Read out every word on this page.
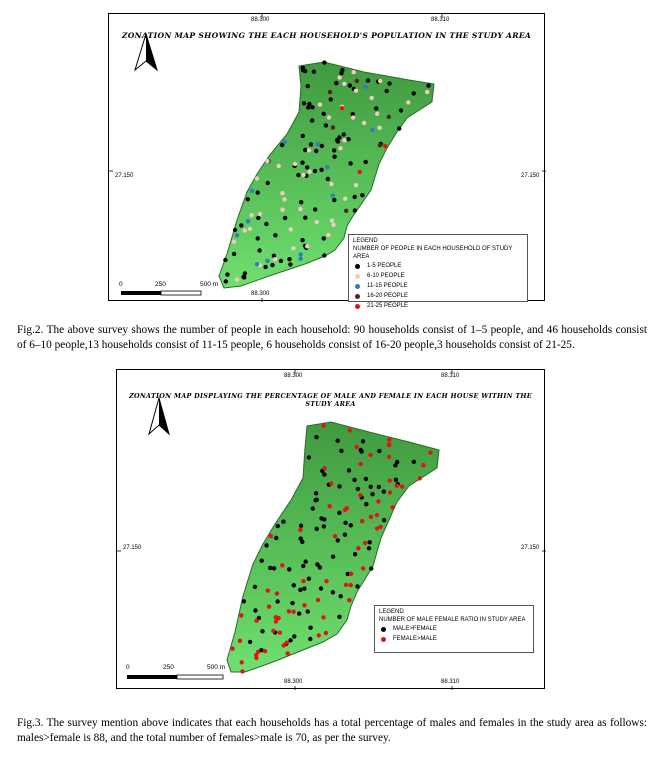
ZONATION MAP SHOWING THE EACH HOUSEHOLD'S POPULATION IN THE STUDY AREA
88.300	88.310
88.300
27.150	27.150
0	250	500 m
LEGEND
NUMBER OF PEOPLE IN EACH HOUSEHOLD OF STUDY AREA
1-5 PEOPLE
6-10 PEOPLE
11-15 PEOPLE
16-20 PEOPLE
21-25 PEOPLE
Fig.2. The above survey shows the number of people in each household: 90 households consist of 1–5 people, and 46 households consist of 6–10 people,13 households consist of 11-15 people, 6 households consist of 16-20 people,3 households consist of 21-25.
ZONATION MAP DISPLAYING THE PERCENTAGE OF MALE AND FEMALE IN EACH HOUSE WITHIN THE STUDY AREA
88.300	88.310
88.300	88.310
27.150	27.150
0	250	500 m
LEGEND
NUMBER OF MALE FEMALE RATIO IN STUDY AREA
MALE>FEMALE
FEMALE>MALE
Fig.3. The survey mention above indicates that each households has a total percentage of males and females in the study area as follows: males>female is 88, and the total number of females>male is 70, as per the survey.
